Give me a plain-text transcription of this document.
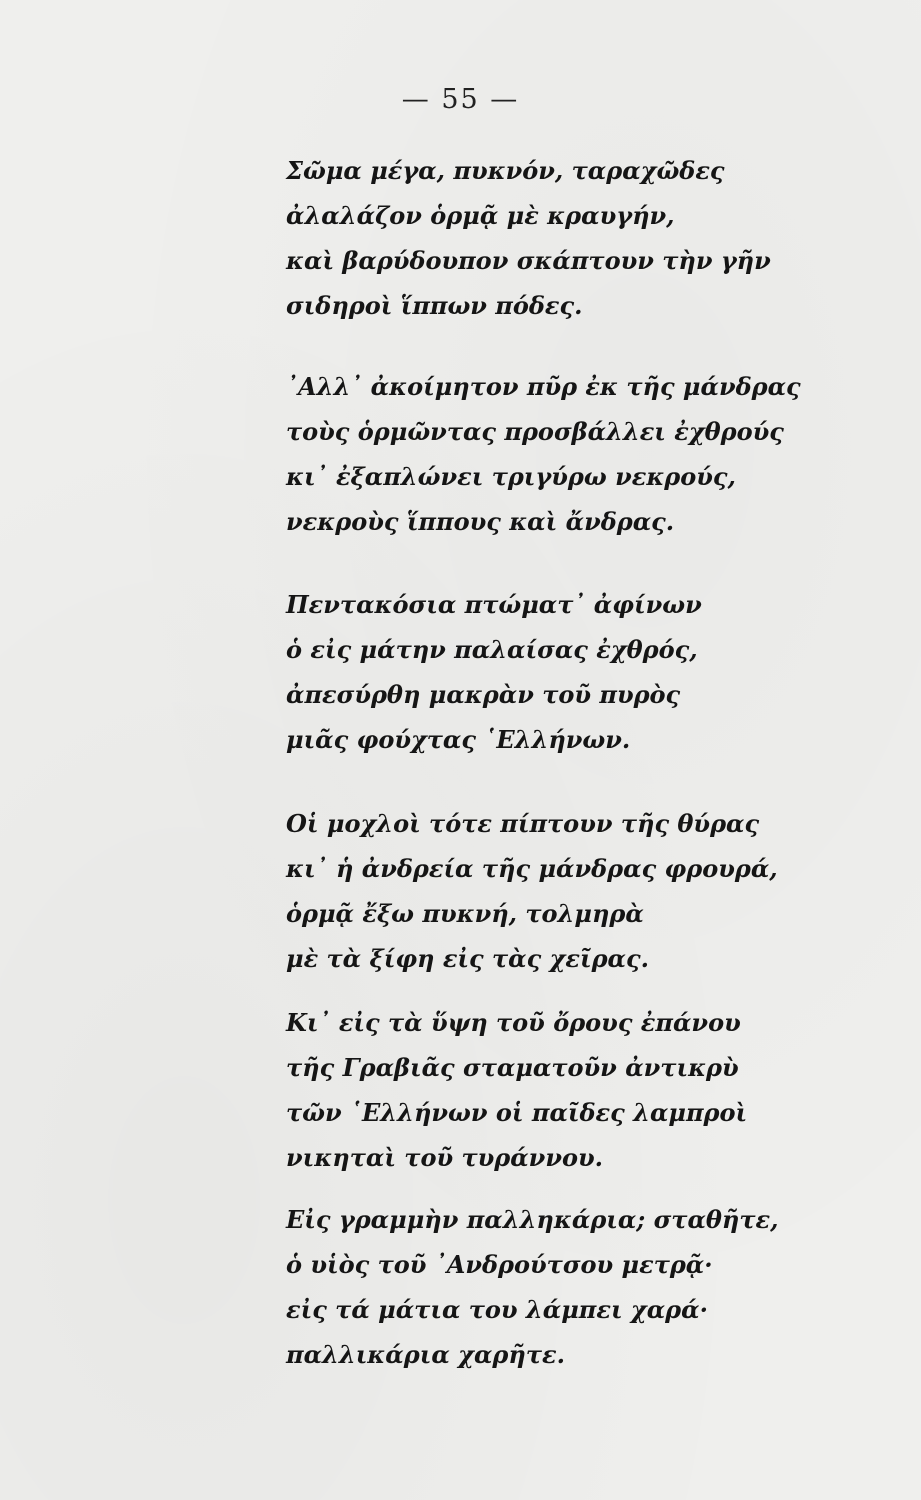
— 55 —
Σῶμα μέγα, πυκνόν, ταραχῶδες
ἀλαλάζον ὁρμᾷ μὲ κραυγήν,
καὶ βαρύδουπον σκάπτουν τὴν γῆν
σιδηροὶ ἵππων πόδες.
᾽Αλλ᾽ ἀκοίμητον πῦρ ἐκ τῆς μάνδρας
τοὺς ὁρμῶντας προσβάλλει ἐχθρούς
κι᾽ ἐξαπλώνει τριγύρω νεκρούς,
νεκροὺς ἵππους καὶ ἄνδρας.
Πεντακόσια πτώματ᾽ ἀφίνων
ὁ εἰς μάτην παλαίσας ἐχθρός,
ἀπεσύρθη μακρὰν τοῦ πυρὸς
μιᾶς φούχτας ῾Ελλήνων.
Οἱ μοχλοὶ τότε πίπτουν τῆς θύρας
κι᾽ ἡ ἀνδρεία τῆς μάνδρας φρουρά,
ὁρμᾷ ἔξω πυκνή, τολμηρὰ
μὲ τὰ ξίφη εἰς τὰς χεῖρας.
Κι᾽ εἰς τὰ ὕψη τοῦ ὄρους ἐπάνου
τῆς Γραβιᾶς σταματοῦν ἀντικρὺ
τῶν ῾Ελλήνων οἱ παῖδες λαμπροὶ
νικηταὶ τοῦ τυράννου.
Εἰς γραμμὴν παλληκάρια; σταθῆτε,
ὁ υἱὸς τοῦ ᾽Ανδρούτσου μετρᾷ·
εἰς τά μάτια του λάμπει χαρά·
παλλικάρια χαρῆτε.
